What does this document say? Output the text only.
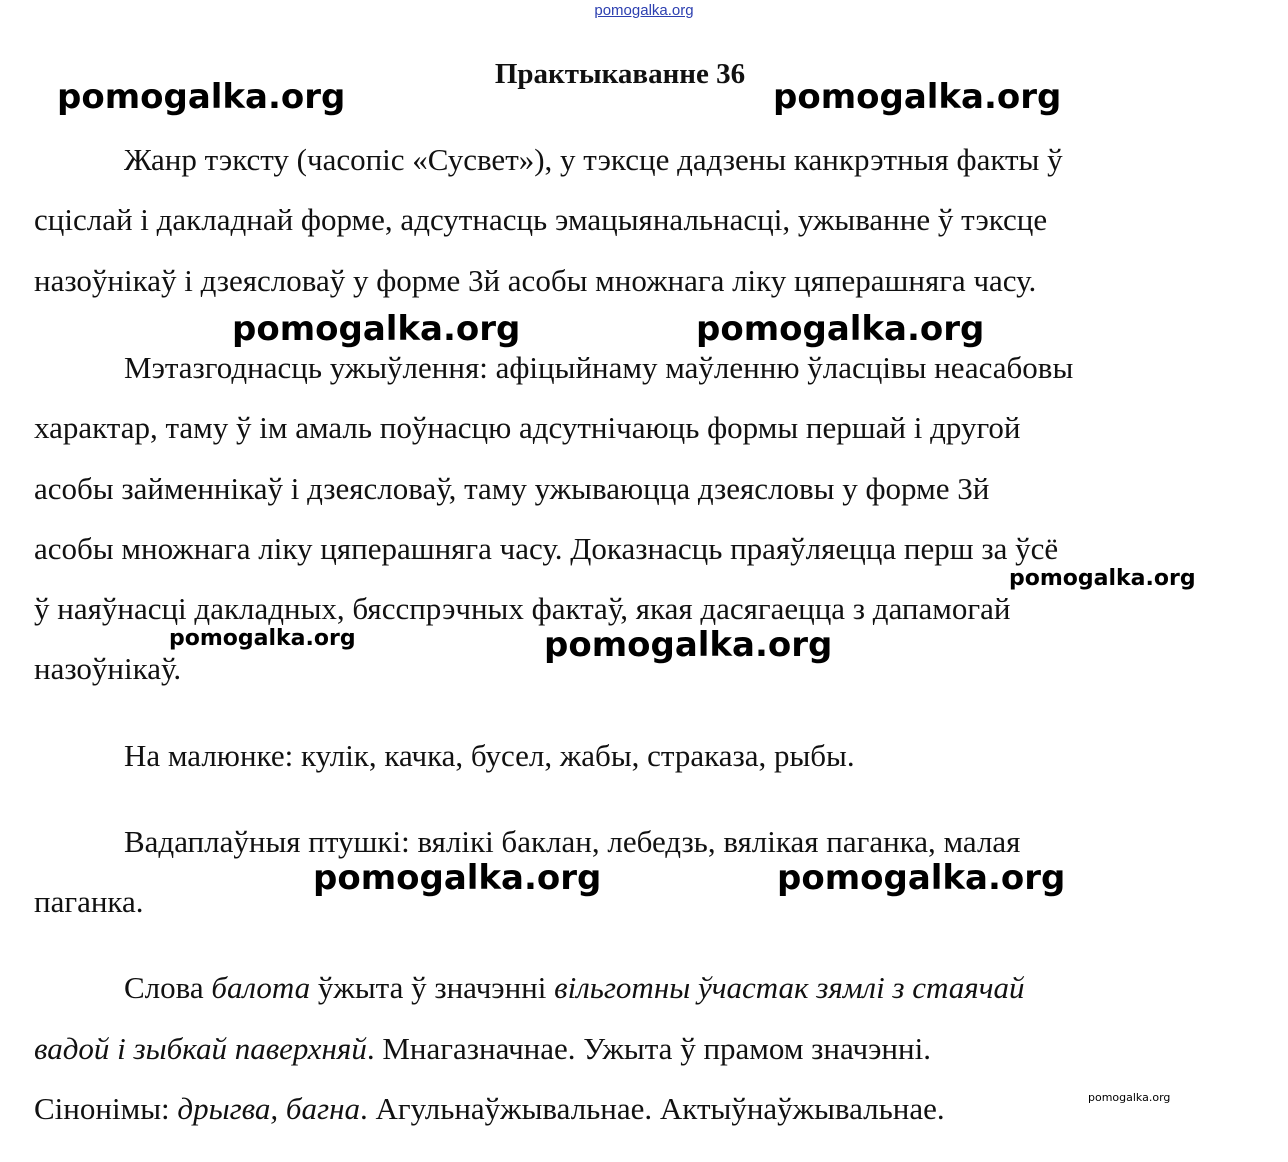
pomogalka.org
Практыкаванне 36
Жанр тэксту (часопіс «Сусвет»), у тэксце дадзены канкрэтныя факты ў
сціслай і дакладнай форме, адсутнасць эмацыянальнасці, ужыванне ў тэксце
назоўнікаў і дзеясловаў у форме 3й асобы множнага ліку цяперашняга часу.
Мэтазгоднасць ужыўлення: афіцыйнаму маўленню ўласцівы неасабовы
характар, таму ў ім амаль поўнасцю адсутнічаюць формы першай і другой
асобы займеннікаў і дзеясловаў, таму ужываюцца дзеясловы у форме 3й
асобы множнага ліку цяперашняга часу. Доказнасць праяўляецца перш за ўсё
ў наяўнасці дакладных, бясспрэчных фактаў, якая дасягаецца з дапамогай
назоўнікаў.
На малюнке: кулік, качка, бусел, жабы, страказа, рыбы.
Вадаплаўныя птушкі: вялікі баклан, лебедзь, вялікая паганка, малая
паганка.
Слова балота ўжыта ў значэнні вільготны ўчастак зямлі з стаячай
вадой і зыбкай паверхняй. Мнагазначнае. Ужыта ў прамом значэнні.
Сінонімы: дрыгва, багна. Агульнаўжывальнае. Актыўнаўжывальнае.
pomogalka.org	pomogalka.org
pomogalka.org	pomogalka.org
pomogalka.org
pomogalka.org	pomogalka.org
pomogalka.org	pomogalka.org
pomogalka.org
